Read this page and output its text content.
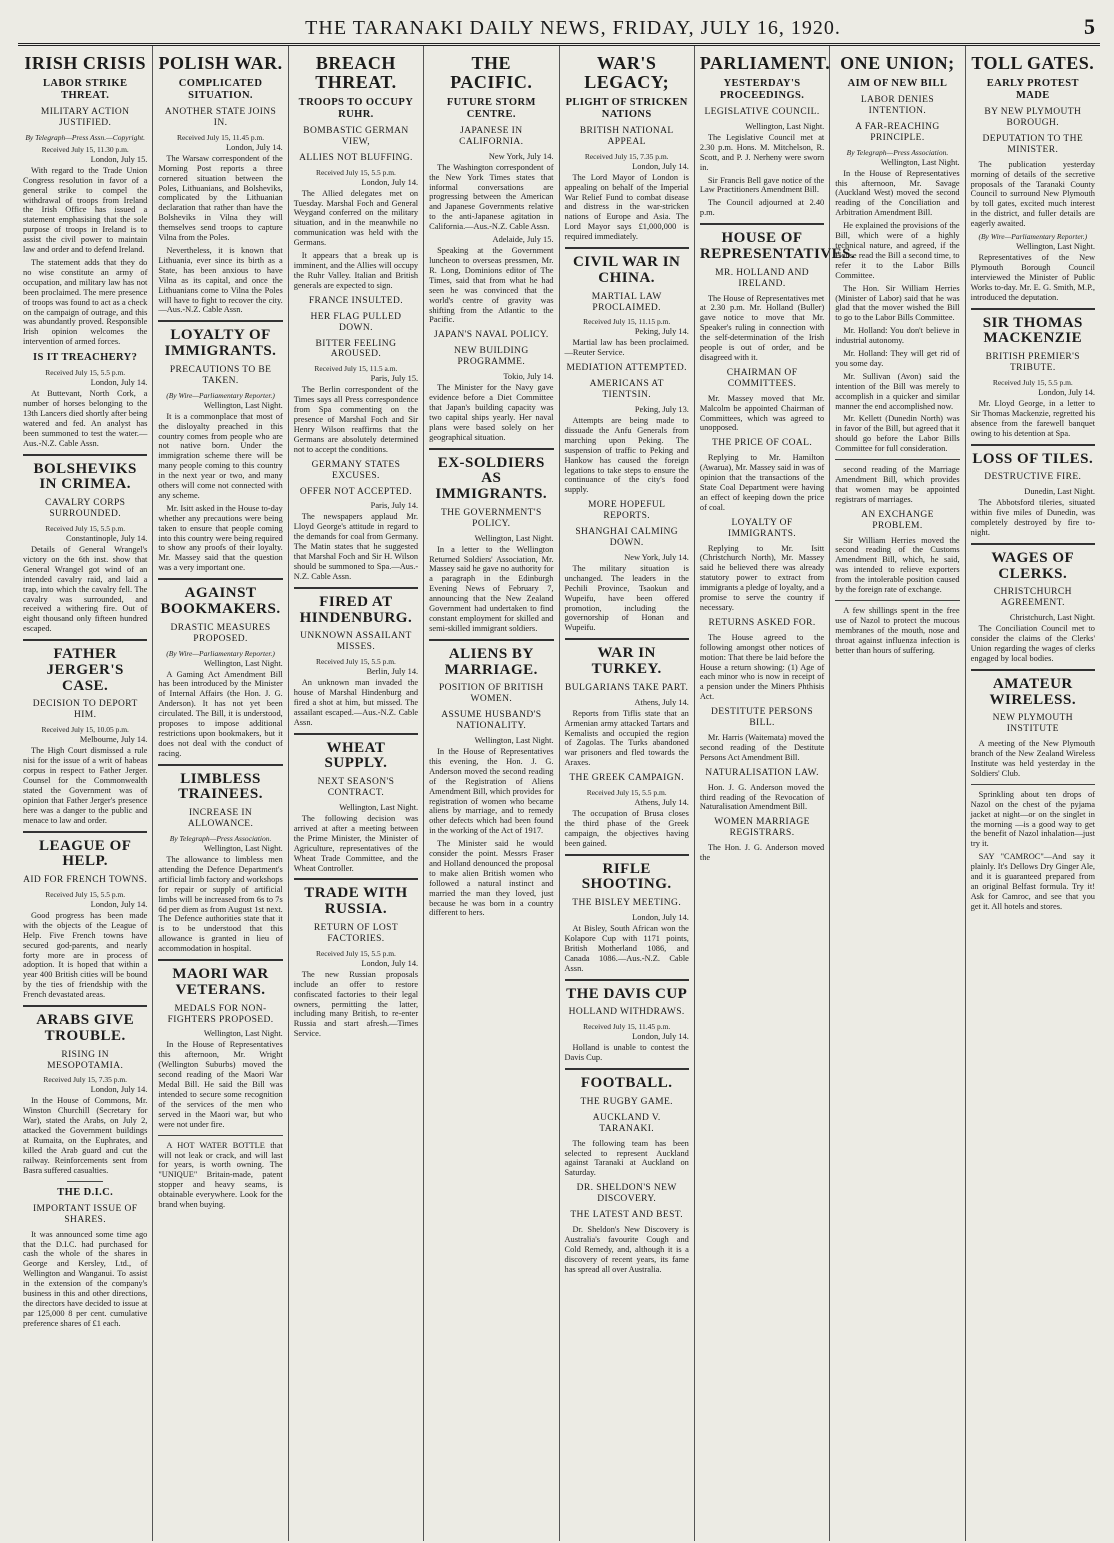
THE TARANAKI DAILY NEWS, FRIDAY, JULY 16, 1920.	5
IRISH CRISIS
LABOR STRIKE THREAT.
MILITARY ACTION JUSTIFIED.
By Telegraph—Press Assn.—Copyright.
Received July 15, 11.30 p.m.
London, July 15.

With regard to the Trade Union Congress resolution in favor of a general strike to compel the withdrawal of troops from Ireland the Irish Office has issued a statement emphasising that the sole purpose of troops in Ireland is to assist the civil power to maintain law and order and to defend Ireland.

The statement adds that they do no wise constitute an army of occupation, and military law has not been proclaimed. The mere presence of troops was found to act as a check on the campaign of outrage, and this was abundantly proved. Responsible Irish opinion welcomes the intervention of armed forces.

IS IT TREACHERY?
Received July 15, 5.5 p.m.
London, July 14.

At Buttevant, North Cork, a number of horses belonging to the 13th Lancers died shortly after being watered and fed. An analyst has been summoned to test the water.—Aus.-N.Z. Cable Assn.

BOLSHEVIKS IN CRIMEA.
CAVALRY CORPS SURROUNDED.
Received July 15, 5.5 p.m.
Constantinople, July 14.

Details of General Wrangel's victory on the 6th inst. show that General Wrangel got wind of an intended cavalry raid, and laid a trap, into which the cavalry fell. The cavalry was surrounded, and received a withering fire. Out of eight thousand only fifteen hundred escaped.

FATHER JERGER'S CASE.
DECISION TO DEPORT HIM.
Received July 15, 10.05 p.m.
Melbourne, July 14.

The High Court dismissed a rule nisi for the issue of a writ of habeas corpus in respect to Father Jerger. Counsel for the Commonwealth stated the Government was of opinion that Father Jerger's presence here was a danger to the public and menace to law and order.

LEAGUE OF HELP.
AID FOR FRENCH TOWNS.
Received July 15, 5.5 p.m.
London, July 14.

Good progress has been made with the objects of the League of Help. Five French towns have secured god-parents, and nearly forty more are in process of adoption. It is hoped that within a year 400 British cities will be bound by the ties of friendship with the French devastated areas.

ARABS GIVE TROUBLE.
RISING IN MESOPOTAMIA.
Received July 15, 7.35 p.m.
London, July 14.

In the House of Commons, Mr. Winston Churchill (Secretary for War), stated the Arabs, on July 2, attacked the Government buildings at Rumaita, on the Euphrates, and killed the Arab guard and cut the railway. Reinforcements sent from Basra suffered casualties.

THE D.I.C.
IMPORTANT ISSUE OF SHARES.

It was announced some time ago that the D.I.C. had purchased for cash the whole of the shares in George and Kersley, Ltd., of Wellington and Wanganui. To assist in the extension of the company's business in this and other directions, the directors have decided to issue at par 125,000 8 per cent. cumulative preference shares of £1 each.

POLISH WAR.
COMPLICATED SITUATION.
ANOTHER STATE JOINS IN.
Received July 15, 11.45 p.m.
London, July 14.

The Warsaw correspondent of the Morning Post reports a three cornered situation between the Poles, Lithuanians, and Bolsheviks, complicated by the Lithuanian declaration that rather than have the Bolsheviks in Vilna they will themselves send troops to capture Vilna from the Poles.

Nevertheless, it is known that Lithuania, ever since its birth as a State, has been anxious to have Vilna as its capital, and once the Lithuanians come to Vilna the Poles will have to fight to recover the city.—Aus.-N.Z. Cable Assn.

LOYALTY OF IMMIGRANTS.
PRECAUTIONS TO BE TAKEN.
(By Wire—Parliamentary Reporter.)
Wellington, Last Night.

It is a commonplace that most of the disloyalty preached in this country comes from people who are not native born. Under the immigration scheme there will be many people coming to this country in the next year or two, and many others will come not connected with any scheme.

Mr. Isitt asked in the House to-day whether any precautions were being taken to ensure that people coming into this country were being required to show any proofs of their loyalty. Mr. Massey said that the question was a very important one.

AGAINST BOOKMAKERS.
DRASTIC MEASURES PROPOSED.
(By Wire—Parliamentary Reporter.)
Wellington, Last Night.

A Gaming Act Amendment Bill has been introduced by the Minister of Internal Affairs (the Hon. J. G. Anderson). It has not yet been circulated. The Bill, it is understood, proposes to impose additional restrictions upon bookmakers, but it does not deal with the conduct of racing.

LIMBLESS TRAINEES.
INCREASE IN ALLOWANCE.
By Telegraph—Press Association.
Wellington, Last Night.

The allowance to limbless men attending the Defence Department's artificial limb factory and workshops for repair or supply of artificial limbs will be increased from 6s to 7s 6d per diem as from August 1st next. The Defence authorities state that it is to be understood that this allowance is granted in lieu of accommodation in hospital.

MAORI WAR VETERANS.
MEDALS FOR NON-FIGHTERS PROPOSED.
Wellington, Last Night.

In the House of Representatives this afternoon, Mr. Wright (Wellington Suburbs) moved the second reading of the Maori War Medal Bill. He said the Bill was intended to secure some recognition of the services of the men who served in the Maori war, but who were not under fire.

A HOT WATER BOTTLE that will not leak or crack, and will last for years, is worth owning. The "UNIQUE" Britain-made, patent stopper and heavy seams, is obtainable everywhere. Look for the brand when buying.

BREACH THREAT.
TROOPS TO OCCUPY RUHR.
BOMBASTIC GERMAN VIEW,
ALLIES NOT BLUFFING.
Received July 15, 5.5 p.m.
London, July 14.

The Allied delegates met on Tuesday. Marshal Foch and General Weygand conferred on the military situation, and in the meanwhile no communication was held with the Germans.

It appears that a break up is imminent, and the Allies will occupy the Ruhr Valley. Italian and British generals are expected to sign.

FRANCE INSULTED.
HER FLAG PULLED DOWN.
BITTER FEELING AROUSED.
Received July 15, 11.5 a.m.
Paris, July 15.

The Berlin correspondent of the Times says all Press correspondence from Spa commenting on the presence of Marshal Foch and Sir Henry Wilson reaffirms that the Germans are absolutely determined not to accept the conditions.

GERMANY STATES EXCUSES.
OFFER NOT ACCEPTED.
Paris, July 14.

The newspapers applaud Mr. Lloyd George's attitude in regard to the demands for coal from Germany. The Matin states that he suggested that Marshal Foch and Sir H. Wilson should be summoned to Spa.—Aus.-N.Z. Cable Assn.

FIRED AT HINDENBURG.
UNKNOWN ASSAILANT MISSES.
Received July 15, 5.5 p.m.
Berlin, July 14.

An unknown man invaded the house of Marshal Hindenburg and fired a shot at him, but missed. The assailant escaped.—Aus.-N.Z. Cable Assn.

WHEAT SUPPLY.
NEXT SEASON'S CONTRACT.
Wellington, Last Night.

The following decision was arrived at after a meeting between the Prime Minister, the Minister of Agriculture, representatives of the Wheat Trade Committee, and the Wheat Controller.

TRADE WITH RUSSIA.
RETURN OF LOST FACTORIES.
Received July 15, 5.5 p.m.
London, July 14.

The new Russian proposals include an offer to restore confiscated factories to their legal owners, permitting the latter, including many British, to re-enter Russia and start afresh.—Times Service.

THE PACIFIC.
FUTURE STORM CENTRE.
JAPANESE IN CALIFORNIA.
New York, July 14.

The Washington correspondent of the New York Times states that informal conversations are progressing between the American and Japanese Governments relative to the anti-Japanese agitation in California.—Aus.-N.Z. Cable Assn.

Adelaide, July 15.

Speaking at the Government luncheon to overseas pressmen, Mr. R. Long, Dominions editor of The Times, said that from what he had seen he was convinced that the world's centre of gravity was shifting from the Atlantic to the Pacific.

JAPAN'S NAVAL POLICY.
NEW BUILDING PROGRAMME.
Tokio, July 14.

The Minister for the Navy gave evidence before a Diet Committee that Japan's building capacity was two capital ships yearly. Her naval plans were based solely on her geographical situation.

EX-SOLDIERS AS IMMIGRANTS.
THE GOVERNMENT'S POLICY.
Wellington, Last Night.

In a letter to the Wellington Returned Soldiers' Association, Mr. Massey said he gave no authority for a paragraph in the Edinburgh Evening News of February 7, announcing that the New Zealand Government had undertaken to find constant employment for skilled and semi-skilled immigrant soldiers.

ALIENS BY MARRIAGE.
POSITION OF BRITISH WOMEN.
ASSUME HUSBAND'S NATIONALITY.
Wellington, Last Night.

In the House of Representatives this evening, the Hon. J. G. Anderson moved the second reading of the Registration of Aliens Amendment Bill, which provides for registration of women who became aliens by marriage, and to remedy other defects which had been found in the working of the Act of 1917.

The Minister said he would consider the point. Messrs Fraser and Holland denounced the proposal to make alien British women who followed a natural instinct and married the man they loved, just because he was born in a country different to hers.

WAR'S LEGACY;
PLIGHT OF STRICKEN NATIONS
BRITISH NATIONAL APPEAL
Received July 15, 7.35 p.m.
London, July 14.

The Lord Mayor of London is appealing on behalf of the Imperial War Relief Fund to combat disease and distress in the war-stricken nations of Europe and Asia. The Lord Mayor says £1,000,000 is required immediately.

CIVIL WAR IN CHINA.
MARTIAL LAW PROCLAIMED.
Received July 15, 11.15 p.m.
Peking, July 14.

Martial law has been proclaimed.—Reuter Service.

MEDIATION ATTEMPTED.
AMERICANS AT TIENTSIN.
Peking, July 13.

Attempts are being made to dissuade the Anfu Generals from marching upon Peking. The suspension of traffic to Peking and Hankow has caused the foreign legations to take steps to ensure the continuance of the city's food supply.

MORE HOPEFUL REPORTS.
SHANGHAI CALMING DOWN.
New York, July 14.

The military situation is unchanged. The leaders in the Pechili Province, Tsaokun and Wupeifu, have been offered promotion, including the governorship of Honan and Wupeifu.

WAR IN TURKEY.
BULGARIANS TAKE PART.
Athens, July 14.

Reports from Tiflis state that an Armenian army attacked Tartars and Kemalists and occupied the region of Zagolas. The Turks abandoned war prisoners and fled towards the Araxes.

THE GREEK CAMPAIGN.
Received July 15, 5.5 p.m.
Athens, July 14.

The occupation of Brusa closes the third phase of the Greek campaign, the objectives having been gained.

RIFLE SHOOTING.
THE BISLEY MEETING.
London, July 14.

At Bisley, South African won the Kolapore Cup with 1171 points, British Motherland 1086, and Canada 1086.—Aus.-N.Z. Cable Assn.

THE DAVIS CUP
HOLLAND WITHDRAWS.
Received July 15, 11.45 p.m.
London, July 14.

Holland is unable to contest the Davis Cup.

FOOTBALL.
THE RUGBY GAME.
AUCKLAND V. TARANAKI.

The following team has been selected to represent Auckland against Taranaki at Auckland on Saturday.

DR. SHELDON'S NEW DISCOVERY.
THE LATEST AND BEST.

Dr. Sheldon's New Discovery is Australia's favourite Cough and Cold Remedy, and, although it is a discovery of recent years, its fame has spread all over Australia.

PARLIAMENT.
YESTERDAY'S PROCEEDINGS.
LEGISLATIVE COUNCIL.
Wellington, Last Night.

The Legislative Council met at 2.30 p.m. Hons. M. Mitchelson, R. Scott, and P. J. Nerheny were sworn in.

Sir Francis Bell gave notice of the Law Practitioners Amendment Bill.

The Council adjourned at 2.40 p.m.

HOUSE OF REPRESENTATIVES.
MR. HOLLAND AND IRELAND.

The House of Representatives met at 2.30 p.m. Mr. Holland (Buller) gave notice to move that Mr. Speaker's ruling in connection with the self-determination of the Irish people is out of order, and be disagreed with it.

CHAIRMAN OF COMMITTEES.

Mr. Massey moved that Mr. Malcolm be appointed Chairman of Committees, which was agreed to unopposed.

THE PRICE OF COAL.

Replying to Mr. Hamilton (Awarua), Mr. Massey said in was of opinion that the transactions of the State Coal Department were having an effect of keeping down the price of coal.

LOYALTY OF IMMIGRANTS.

Replying to Mr. Isitt (Christchurch North), Mr. Massey said he believed there was already statutory power to extract from immigrants a pledge of loyalty, and a promise to serve the country if necessary.

RETURNS ASKED FOR.

The House agreed to the following amongst other notices of motion: That there be laid before the House a return showing: (1) Age of each minor who is now in receipt of a pension under the Miners Phthisis Act.

DESTITUTE PERSONS BILL.

Mr. Harris (Waitemata) moved the second reading of the Destitute Persons Act Amendment Bill.

NATURALISATION LAW.

Hon. J. G. Anderson moved the third reading of the Revocation of Naturalisation Amendment Bill.

WOMEN MARRIAGE REGISTRARS.

The Hon. J. G. Anderson moved the

ONE UNION;
AIM OF NEW BILL
LABOR DENIES INTENTION.
A FAR-REACHING PRINCIPLE.
By Telegraph—Press Association.
Wellington, Last Night.

In the House of Representatives this afternoon, Mr. Savage (Auckland West) moved the second reading of the Conciliation and Arbitration Amendment Bill.

He explained the provisions of the Bill, which were of a highly technical nature, and agreed, if the House read the Bill a second time, to refer it to the Labor Bills Committee.

The Hon. Sir William Herries (Minister of Labor) said that he was glad that the mover wished the Bill to go to the Labor Bills Committee.

Mr. Holland: You don't believe in industrial autonomy.

Mr. Holland: They will get rid of you some day.

Mr. Sullivan (Avon) said the intention of the Bill was merely to accomplish in a quicker and similar manner the end accomplished now.

Mr. Kellett (Dunedin North) was in favor of the Bill, but agreed that it should go before the Labor Bills Committee for full consideration.

second reading of the Marriage Amendment Bill, which provides that women may be appointed registrars of marriages.

AN EXCHANGE PROBLEM.

Sir William Herries moved the second reading of the Customs Amendment Bill, which, he said, was intended to relieve exporters from the intolerable position caused by the foreign rate of exchange.

A few shillings spent in the free use of Nazol to protect the mucous membranes of the mouth, nose and throat against influenza infection is better than hours of suffering.

TOLL GATES.
EARLY PROTEST MADE
BY NEW PLYMOUTH BOROUGH.
DEPUTATION TO THE MINISTER.

The publication yesterday morning of details of the secretive proposals of the Taranaki County Council to surround New Plymouth by toll gates, excited much interest in the district, and fuller details are eagerly awaited.

(By Wire—Parliamentary Reporter.)
Wellington, Last Night.

Representatives of the New Plymouth Borough Council interviewed the Minister of Public Works to-day. Mr. E. G. Smith, M.P., introduced the deputation.

SIR THOMAS MACKENZIE
BRITISH PREMIER'S TRIBUTE.
Received July 15, 5.5 p.m.
London, July 14.

Mr. Lloyd George, in a letter to Sir Thomas Mackenzie, regretted his absence from the farewell banquet owing to his detention at Spa.

LOSS OF TILES.
DESTRUCTIVE FIRE.
Dunedin, Last Night.

The Abbotsford tileries, situated within five miles of Dunedin, was completely destroyed by fire to-night.

WAGES OF CLERKS.
CHRISTCHURCH AGREEMENT.
Christchurch, Last Night.

The Conciliation Council met to consider the claims of the Clerks' Union regarding the wages of clerks engaged by local bodies.

AMATEUR WIRELESS.
NEW PLYMOUTH INSTITUTE

A meeting of the New Plymouth branch of the New Zealand Wireless Institute was held yesterday in the Soldiers' Club.

Sprinkling about ten drops of Nazol on the chest of the pyjama jacket at night—or on the singlet in the morning —is a good way to get the benefit of Nazol inhalation—just try it.

SAY "CAMROC"—And say it plainly. It's Dellows Dry Ginger Ale, and it is guaranteed prepared from an original Belfast formula. Try it! Ask for Camroc, and see that you get it. All hotels and stores.
